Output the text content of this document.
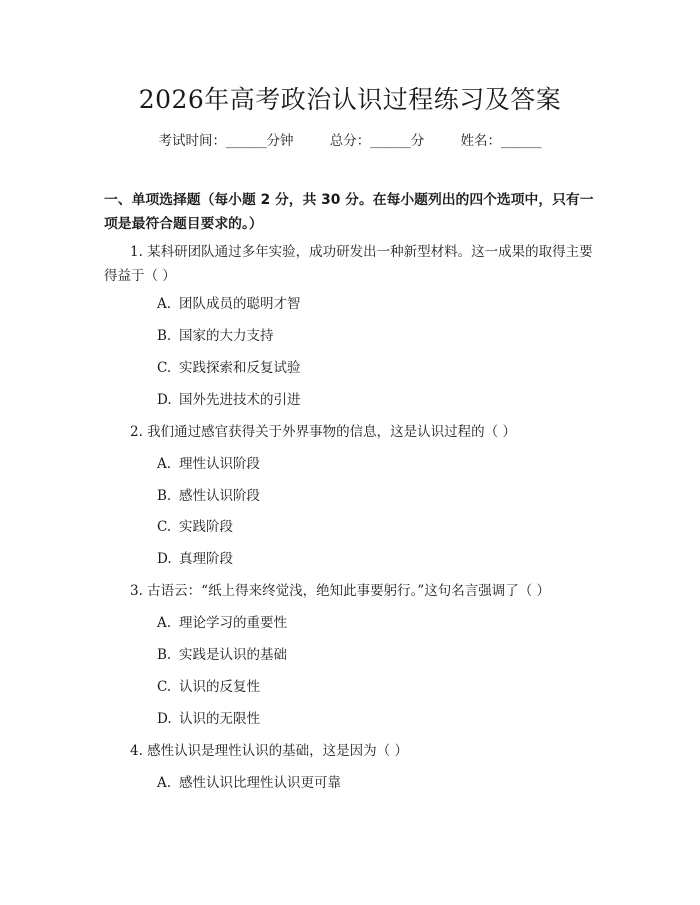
2026年高考政治认识过程练习及答案
考试时间：______分钟	总分：______分	姓名：______
一、单项选择题（每小题 2 分，共 30 分。在每小题列出的四个选项中，只有一项是最符合题目要求的。）
1. 某科研团队通过多年实验，成功研发出一种新型材料。这一成果的取得主要得益于（ ）
A. 团队成员的聪明才智
B. 国家的大力支持
C. 实践探索和反复试验
D. 国外先进技术的引进
2. 我们通过感官获得关于外界事物的信息，这是认识过程的（ ）
A. 理性认识阶段
B. 感性认识阶段
C. 实践阶段
D. 真理阶段
3. 古语云：“纸上得来终觉浅，绝知此事要躬行。”这句名言强调了（ ）
A. 理论学习的重要性
B. 实践是认识的基础
C. 认识的反复性
D. 认识的无限性
4. 感性认识是理性认识的基础，这是因为（ ）
A. 感性认识比理性认识更可靠
